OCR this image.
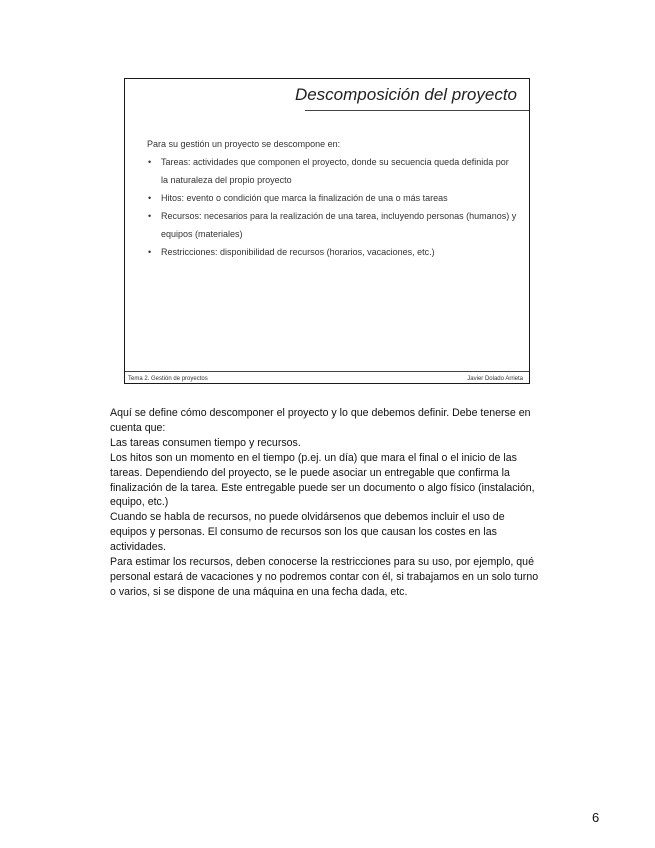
Descomposición del proyecto

Para su gestión un proyecto se descompone en:

• Tareas: actividades que componen el proyecto, donde su secuencia queda definida por la naturaleza del propio proyecto
• Hitos: evento o condición que marca la finalización de una o más tareas
• Recursos: necesarios para la realización de una tarea, incluyendo personas (humanos) y equipos (materiales)
• Restricciones: disponibilidad de recursos (horarios, vacaciones, etc.)
Tema 2. Gestión de proyectos	Javier Dolado Arrieta

Aquí se define cómo descomponer el proyecto y lo que debemos definir. Debe tenerse en cuenta que:

Las tareas consumen tiempo y recursos.

Los hitos son un momento en el tiempo (p.ej. un día) que mara el final o el inicio de las tareas. Dependiendo del proyecto, se le puede asociar un entregable que confirma la finalización de la tarea. Este entregable puede ser un documento o algo físico (instalación, equipo, etc.)

Cuando se habla de recursos, no puede olvidársenos que debemos incluir el uso de equipos y personas. El consumo de recursos son los que causan los costes en las actividades.

Para estimar los recursos, deben conocerse la restricciones para su uso, por ejemplo, qué personal estará de vacaciones y no podremos contar con él, si trabajamos en un solo turno o varios, si se dispone de una máquina en una fecha dada, etc.

6
